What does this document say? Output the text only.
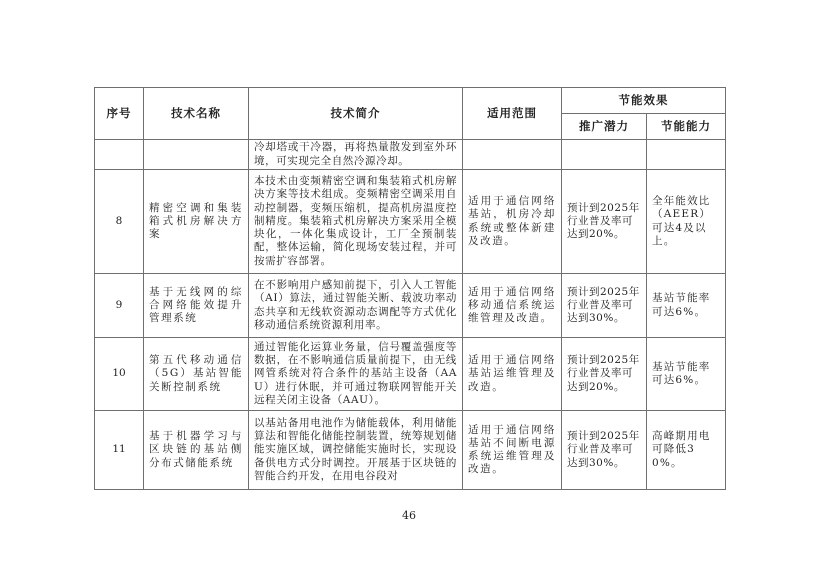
序号	技术名称	技术简介	适用范围	节能效果	
				推广潜力	节能能力
		冷却塔或干冷器，再将热量散发到室外环境，可实现完全自然冷源冷却。			
8	精密空调和集装箱式机房解决方案	本技术由变频精密空调和集装箱式机房解决方案等技术组成。变频精密空调采用自动控制器，变频压缩机，提高机房温度控制精度。集装箱式机房解决方案采用全模块化，一体化集成设计，工厂全预制装配，整体运输，简化现场安装过程，并可按需扩容部署。	适用于通信网络基站，机房冷却系统或整体新建及改造。	预计到2025年行业普及率可达到20%。	全年能效比（AEER）可达4及以上。
9	基于无线网的综合网络能效提升管理系统	在不影响用户感知前提下，引入人工智能（AI）算法，通过智能关断、载波功率动态共享和无线软资源动态调配等方式优化移动通信系统资源利用率。	适用于通信网络移动通信系统运维管理及改造。	预计到2025年行业普及率可达到30%。	基站节能率可达6%。
10	第五代移动通信（5G）基站智能关断控制系统	通过智能化运算业务量，信号覆盖强度等数据，在不影响通信质量前提下，由无线网管系统对符合条件的基站主设备（AAU）进行休眠，并可通过物联网智能开关远程关闭主设备（AAU）。	适用于通信网络基站运维管理及改造。	预计到2025年行业普及率可达到20%。	基站节能率可达6%。
11	基于机器学习与区块链的基站侧分布式储能系统	以基站备用电池作为储能载体，利用储能算法和智能化储能控制装置，统筹规划储能实施区域，调控储能实施时长，实现设备供电方式分时调控。开展基于区块链的智能合约开发，在用电谷段对	适用于通信网络基站不间断电源系统运维管理及改造。	预计到2025年行业普及率可达到30%。	高峰期用电可降低30%。
46
